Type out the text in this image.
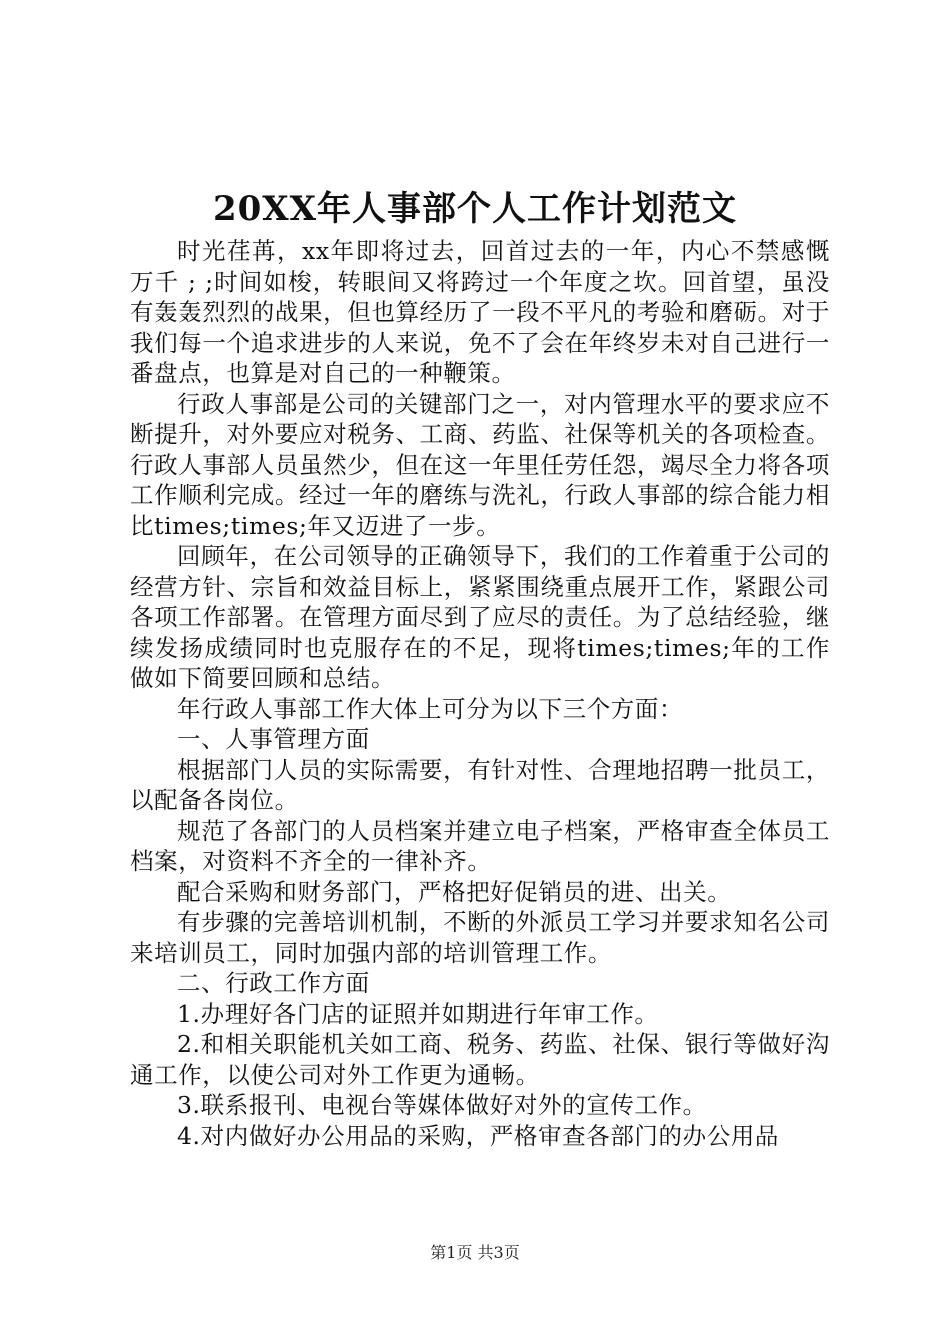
20XX年人事部个人工作计划范文

时光荏苒，xx年即将过去，回首过去的一年，内心不禁感慨万千 ; ;时间如梭，转眼间又将跨过一个年度之坎。回首望，虽没有轰轰烈烈的战果，但也算经历了一段不平凡的考验和磨砺。对于我们每一个追求进步的人来说，免不了会在年终岁未对自己进行一番盘点，也算是对自己的一种鞭策。

行政人事部是公司的关键部门之一，对内管理水平的要求应不断提升，对外要应对税务、工商、药监、社保等机关的各项检查。行政人事部人员虽然少，但在这一年里任劳任怨，竭尽全力将各项工作顺利完成。经过一年的磨练与洗礼，行政人事部的综合能力相比times;times;年又迈进了一步。

回顾年，在公司领导的正确领导下，我们的工作着重于公司的经营方针、宗旨和效益目标上，紧紧围绕重点展开工作，紧跟公司各项工作部署。在管理方面尽到了应尽的责任。为了总结经验，继续发扬成绩同时也克服存在的不足，现将times;times;年的工作做如下简要回顾和总结。

年行政人事部工作大体上可分为以下三个方面：

一、人事管理方面

根据部门人员的实际需要，有针对性、合理地招聘一批员工，以配备各岗位。

规范了各部门的人员档案并建立电子档案，严格审查全体员工档案，对资料不齐全的一律补齐。

配合采购和财务部门，严格把好促销员的进、出关。

有步骤的完善培训机制，不断的外派员工学习并要求知名公司来培训员工，同时加强内部的培训管理工作。

二、行政工作方面

1.办理好各门店的证照并如期进行年审工作。

2.和相关职能机关如工商、税务、药监、社保、银行等做好沟通工作，以使公司对外工作更为通畅。

3.联系报刊、电视台等媒体做好对外的宣传工作。

4.对内做好办公用品的采购，严格审查各部门的办公用品

第1页 共3页
